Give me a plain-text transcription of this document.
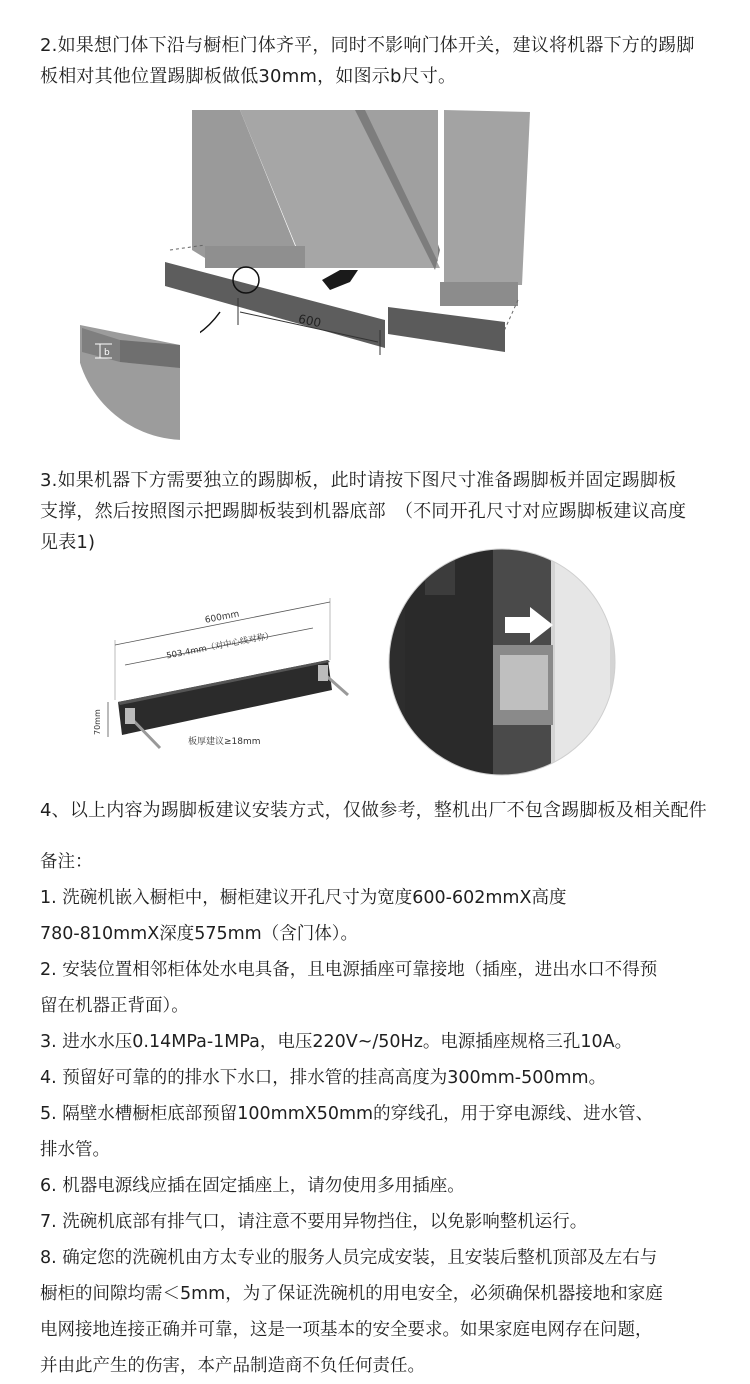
2.如果想门体下沿与橱柜门体齐平，同时不影响门体开关，建议将机器下方的踢脚
板相对其他位置踢脚板做低30mm，如图示b尺寸。
600
b
3.如果机器下方需要独立的踢脚板，此时请按下图尺寸准备踢脚板并固定踢脚板
支撑，然后按照图示把踢脚板装到机器底部　（不同开孔尺寸对应踢脚板建议高度
见表1)
600mm
503.4mm（对中心线对称）
70mm
板厚建议≥18mm
4、以上内容为踢脚板建议安装方式，仅做参考，整机出厂不包含踢脚板及相关配件
备注：
1. 洗碗机嵌入橱柜中，橱柜建议开孔尺寸为宽度600-602mmX高度
780-810mmX深度575mm（含门体）。
2. 安装位置相邻柜体处水电具备，且电源插座可靠接地（插座，进出水口不得预
留在机器正背面）。
3. 进水水压0.14MPa-1MPa，电压220V~/50Hz。电源插座规格三孔10A。
4. 预留好可靠的的排水下水口，排水管的挂高高度为300mm-500mm。
5. 隔壁水槽橱柜底部预留100mmX50mm的穿线孔，用于穿电源线、进水管、
排水管。
6. 机器电源线应插在固定插座上，请勿使用多用插座。
7. 洗碗机底部有排气口，请注意不要用异物挡住，以免影响整机运行。
8. 确定您的洗碗机由方太专业的服务人员完成安装，且安装后整机顶部及左右与
橱柜的间隙均需＜5mm，为了保证洗碗机的用电安全，必须确保机器接地和家庭
电网接地连接正确并可靠，这是一项基本的安全要求。如果家庭电网存在问题，
并由此产生的伤害，本产品制造商不负任何责任。
